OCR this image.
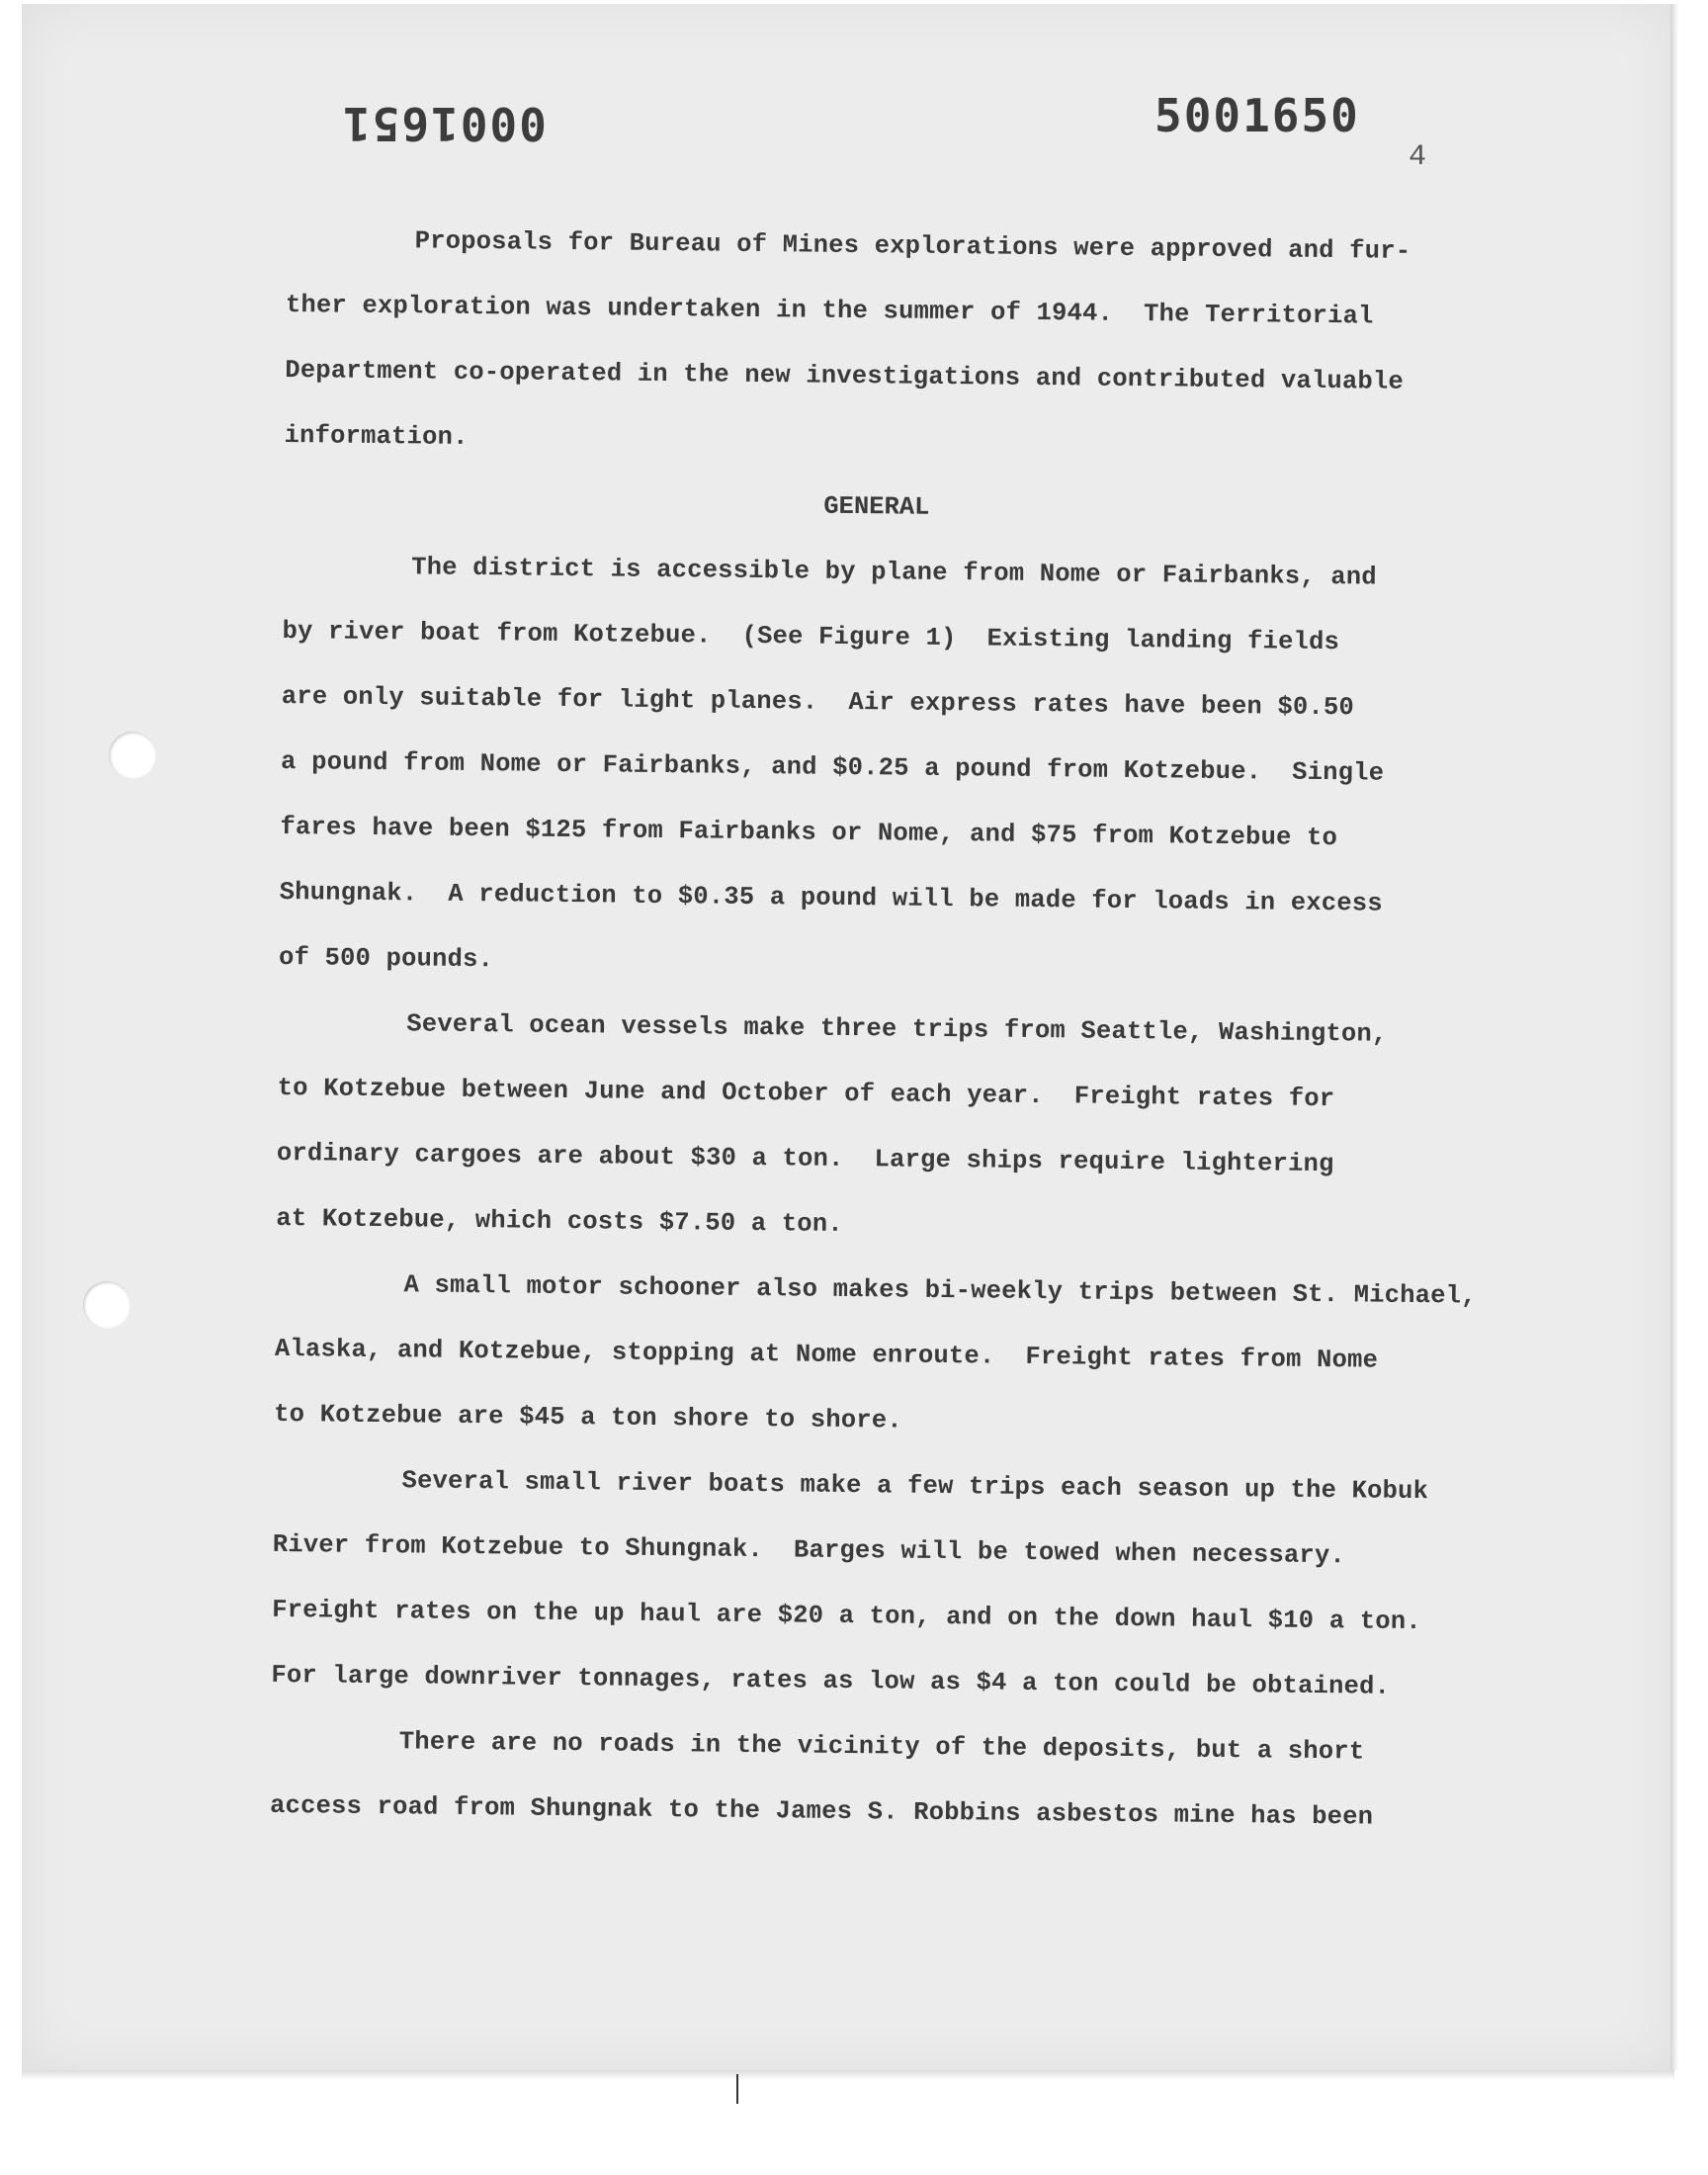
0001651	5001650
4
Proposals for Bureau of Mines explorations were approved and fur-
ther exploration was undertaken in the summer of 1944.  The Territorial
Department co-operated in the new investigations and contributed valuable
information.
GENERAL
The district is accessible by plane from Nome or Fairbanks, and
by river boat from Kotzebue.  (See Figure 1)  Existing landing fields
are only suitable for light planes.  Air express rates have been $0.50
a pound from Nome or Fairbanks, and $0.25 a pound from Kotzebue.  Single
fares have been $125 from Fairbanks or Nome, and $75 from Kotzebue to
Shungnak.  A reduction to $0.35 a pound will be made for loads in excess
of 500 pounds.
Several ocean vessels make three trips from Seattle, Washington,
to Kotzebue between June and October of each year.  Freight rates for
ordinary cargoes are about $30 a ton.  Large ships require lightering
at Kotzebue, which costs $7.50 a ton.
A small motor schooner also makes bi-weekly trips between St. Michael,
Alaska, and Kotzebue, stopping at Nome enroute.  Freight rates from Nome
to Kotzebue are $45 a ton shore to shore.
Several small river boats make a few trips each season up the Kobuk
River from Kotzebue to Shungnak.  Barges will be towed when necessary.
Freight rates on the up haul are $20 a ton, and on the down haul $10 a ton.
For large downriver tonnages, rates as low as $4 a ton could be obtained.
There are no roads in the vicinity of the deposits, but a short
access road from Shungnak to the James S. Robbins asbestos mine has been
